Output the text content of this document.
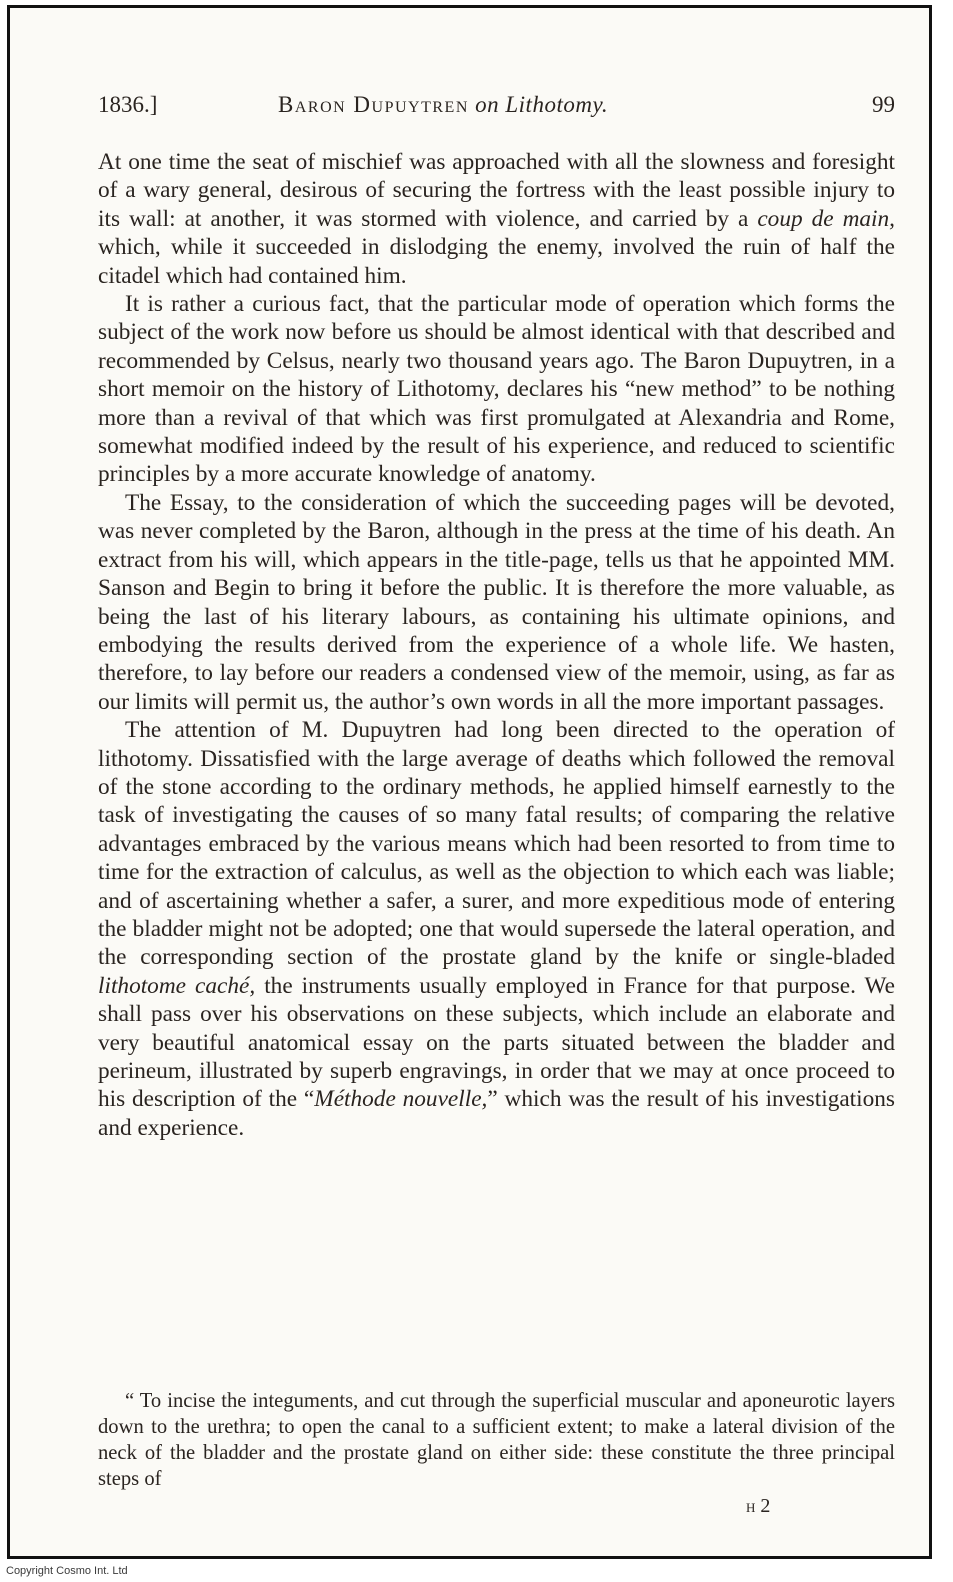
1836.]	Baron Dupuytren on Lithotomy.	99

At one time the seat of mischief was approached with all the slowness and foresight of a wary general, desirous of securing the fortress with the least possible injury to its wall: at another, it was stormed with violence, and carried by a coup de main, which, while it succeeded in dislodging the enemy, involved the ruin of half the citadel which had contained him.

It is rather a curious fact, that the particular mode of operation which forms the subject of the work now before us should be almost identical with that described and recommended by Celsus, nearly two thousand years ago. The Baron Dupuytren, in a short memoir on the history of Lithotomy, declares his “new method” to be nothing more than a revival of that which was first promulgated at Alexandria and Rome, somewhat modified indeed by the result of his experience, and reduced to scientific principles by a more accurate knowledge of anatomy.

The Essay, to the consideration of which the succeeding pages will be devoted, was never completed by the Baron, although in the press at the time of his death. An extract from his will, which appears in the title-page, tells us that he appointed MM. Sanson and Begin to bring it before the public. It is therefore the more valuable, as being the last of his literary labours, as containing his ultimate opinions, and embodying the results derived from the experience of a whole life. We hasten, therefore, to lay before our readers a condensed view of the memoir, using, as far as our limits will permit us, the author’s own words in all the more important passages.

The attention of M. Dupuytren had long been directed to the operation of lithotomy. Dissatisfied with the large average of deaths which followed the removal of the stone according to the ordinary methods, he applied himself earnestly to the task of investigating the causes of so many fatal results; of comparing the relative advantages embraced by the various means which had been resorted to from time to time for the extraction of calculus, as well as the objection to which each was liable; and of ascertaining whether a safer, a surer, and more expeditious mode of entering the bladder might not be adopted; one that would supersede the lateral operation, and the corresponding section of the prostate gland by the knife or single-bladed lithotome caché, the instruments usually employed in France for that purpose. We shall pass over his observations on these subjects, which include an elaborate and very beautiful anatomical essay on the parts situated between the bladder and perineum, illustrated by superb engravings, in order that we may at once proceed to his description of the “Méthode nouvelle,” which was the result of his investigations and experience.

“ To incise the integuments, and cut through the superficial muscular and aponeurotic layers down to the urethra; to open the canal to a sufficient extent; to make a lateral division of the neck of the bladder and the prostate gland on either side: these constitute the three principal steps of

H 2
Copyright Cosmo Int. Ltd
